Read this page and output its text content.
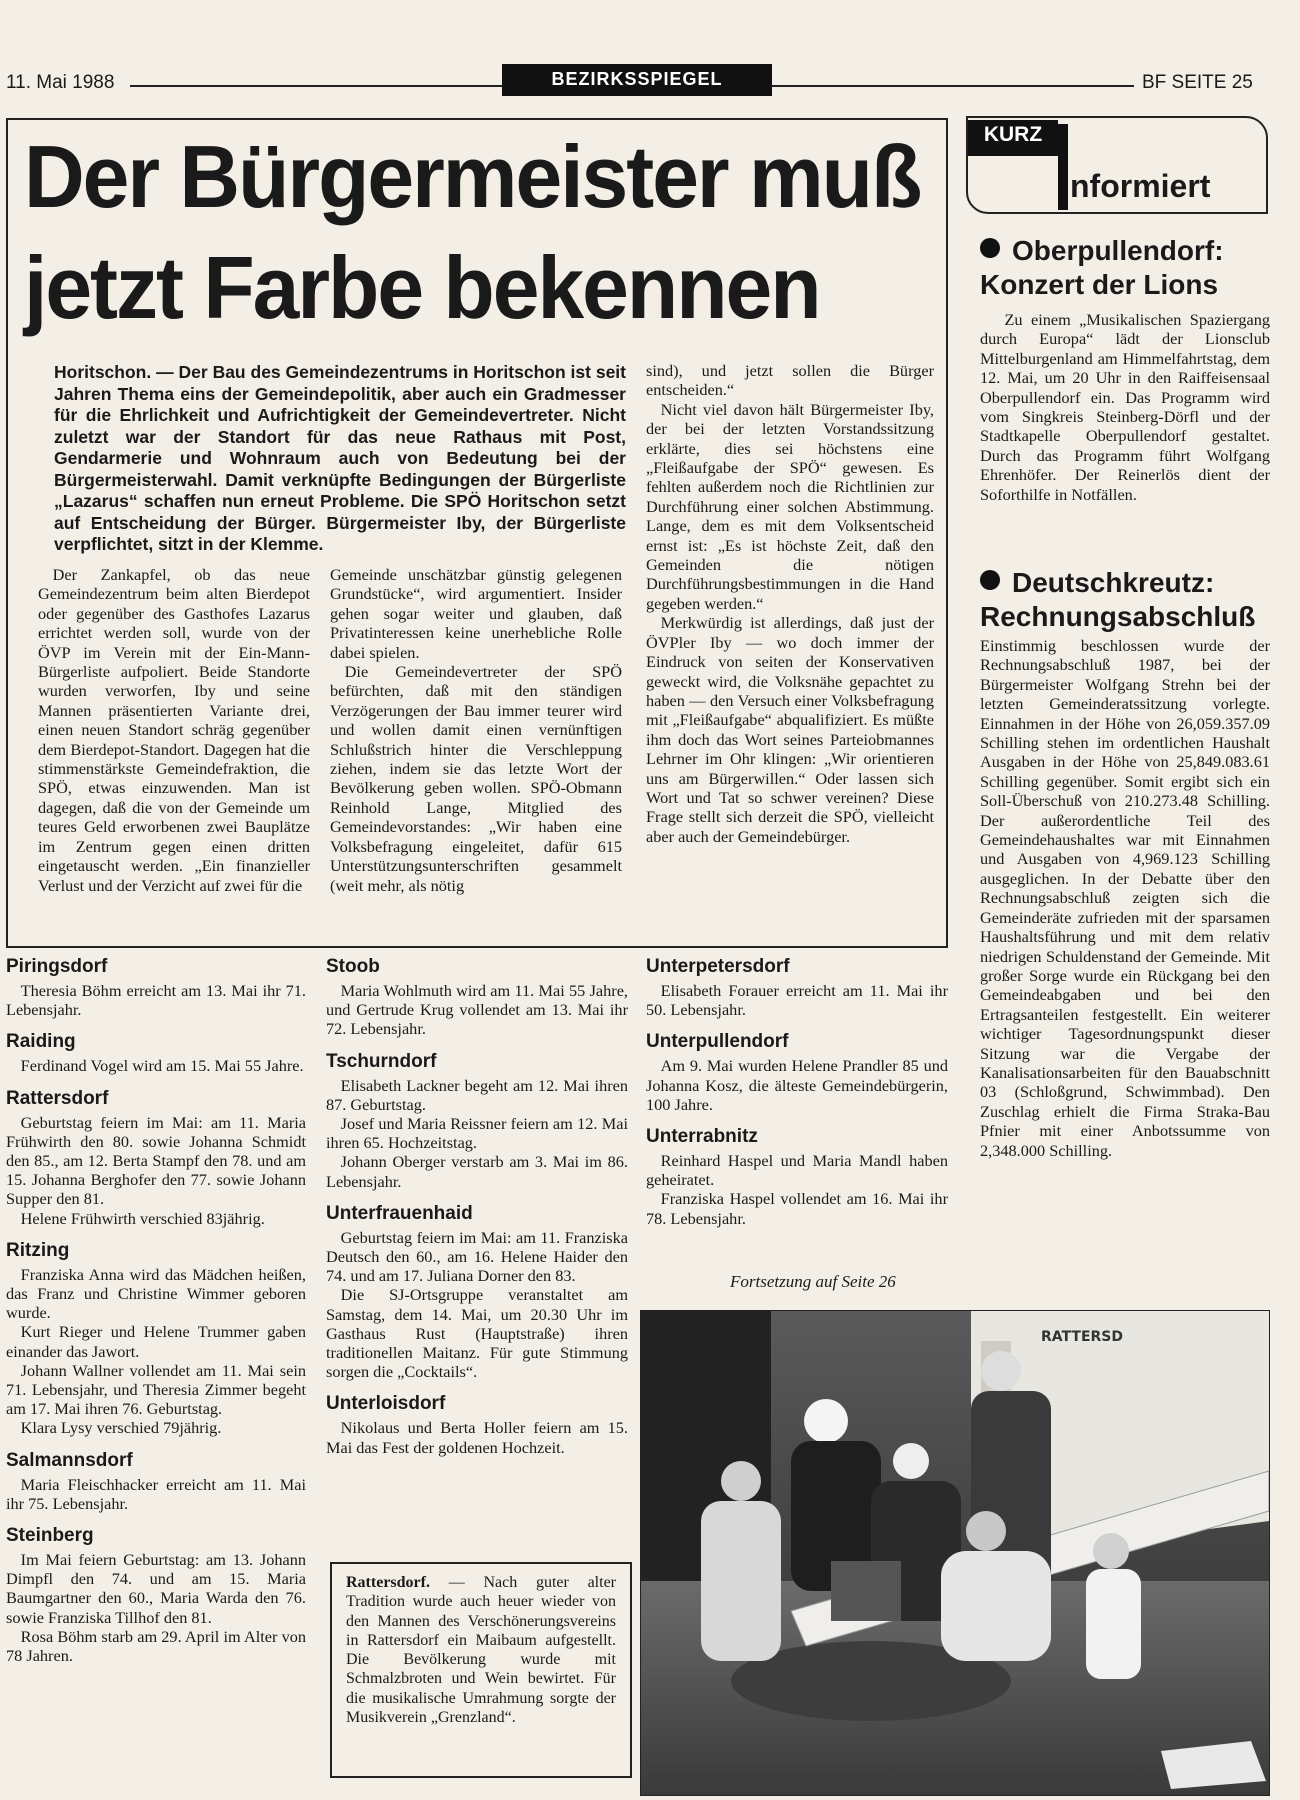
11. Mai 1988	BEZIRKSSPIEGEL	BF SEITE 25
Der Bürgermeister muß
jetzt Farbe bekennen
Horitschon. — Der Bau des Gemeindezentrums in Horitschon ist seit Jahren Thema eins der Gemeindepolitik, aber auch ein Gradmesser für die Ehrlichkeit und Aufrichtigkeit der Gemeindevertreter. Nicht zuletzt war der Standort für das neue Rathaus mit Post, Gendarmerie und Wohnraum auch von Bedeutung bei der Bürgermeisterwahl. Damit verknüpfte Bedingungen der Bürgerliste „Lazarus“ schaffen nun erneut Probleme. Die SPÖ Horitschon setzt auf Entscheidung der Bürger. Bürgermeister Iby, der Bürgerliste verpflichtet, sitzt in der Klemme.

Der Zankapfel, ob das neue Gemeindezentrum beim alten Bierdepot oder gegenüber des Gasthofes Lazarus errichtet werden soll, wurde von der ÖVP im Verein mit der Ein-Mann-Bürgerliste aufpoliert. Beide Standorte wurden verworfen, Iby und seine Mannen präsentierten Variante drei, einen neuen Standort schräg gegenüber dem Bierdepot-Standort. Dagegen hat die stimmenstärkste Gemeindefraktion, die SPÖ, etwas einzuwenden. Man ist dagegen, daß die von der Gemeinde um teures Geld erworbenen zwei Bauplätze im Zentrum gegen einen dritten eingetauscht werden. „Ein finanzieller Verlust und der Verzicht auf zwei für die

Gemeinde unschätzbar günstig gelegenen Grundstücke“, wird argumentiert. Insider gehen sogar weiter und glauben, daß Privatinteressen keine unerhebliche Rolle dabei spielen.

Die Gemeindevertreter der SPÖ befürchten, daß mit den ständigen Verzögerungen der Bau immer teurer wird und wollen damit einen vernünftigen Schlußstrich hinter die Verschleppung ziehen, indem sie das letzte Wort der Bevölkerung geben wollen. SPÖ-Obmann Reinhold Lange, Mitglied des Gemeindevorstandes: „Wir haben eine Volksbefragung eingeleitet, dafür 615 Unterstützungsunterschriften gesammelt (weit mehr, als nötig

sind), und jetzt sollen die Bürger entscheiden.“

Nicht viel davon hält Bürgermeister Iby, der bei der letzten Vorstandssitzung erklärte, dies sei höchstens eine „Fleißaufgabe der SPÖ“ gewesen. Es fehlten außerdem noch die Richtlinien zur Durchführung einer solchen Abstimmung. Lange, dem es mit dem Volksentscheid ernst ist: „Es ist höchste Zeit, daß den Gemeinden die nötigen Durchführungsbestimmungen in die Hand gegeben werden.“

Merkwürdig ist allerdings, daß just der ÖVPler Iby — wo doch immer der Eindruck von seiten der Konservativen geweckt wird, die Volksnähe gepachtet zu haben — den Versuch einer Volksbefragung mit „Fleißaufgabe“ abqualifiziert. Es müßte ihm doch das Wort seines Parteiobmannes Lehrner im Ohr klingen: „Wir orientieren uns am Bürgerwillen.“ Oder lassen sich Wort und Tat so schwer vereinen? Diese Frage stellt sich derzeit die SPÖ, vielleicht aber auch der Gemeindebürger.

KURZ
nformiert
Oberpullendorf:
Konzert der Lions
Zu einem „Musikalischen Spaziergang durch Europa“ lädt der Lionsclub Mittelburgenland am Himmelfahrtstag, dem 12. Mai, um 20 Uhr in den Raiffeisensaal Oberpullendorf ein. Das Programm wird vom Singkreis Steinberg-Dörfl und der Stadtkapelle Oberpullendorf gestaltet. Durch das Programm führt Wolfgang Ehrenhöfer. Der Reinerlös dient der Soforthilfe in Notfällen.
Deutschkreutz:
Rechnungsabschluß
Einstimmig beschlossen wurde der Rechnungsabschluß 1987, bei der Bürgermeister Wolfgang Strehn bei der letzten Gemeinderatssitzung vorlegte. Einnahmen in der Höhe von 26,059.357.09 Schilling stehen im ordentlichen Haushalt Ausgaben in der Höhe von 25,849.083.61 Schilling gegenüber. Somit ergibt sich ein Soll-Überschuß von 210.273.48 Schilling. Der außerordentliche Teil des Gemeindehaushaltes war mit Einnahmen und Ausgaben von 4,969.123 Schilling ausgeglichen. In der Debatte über den Rechnungsabschluß zeigten sich die Gemeinderäte zufrieden mit der sparsamen Haushaltsführung und mit dem relativ niedrigen Schuldenstand der Gemeinde. Mit großer Sorge wurde ein Rückgang bei den Gemeindeabgaben und bei den Ertragsanteilen festgestellt. Ein weiterer wichtiger Tagesordnungspunkt dieser Sitzung war die Vergabe der Kanalisationsarbeiten für den Bauabschnitt 03 (Schloßgrund, Schwimmbad). Den Zuschlag erhielt die Firma Straka-Bau Pfnier mit einer Anbotssumme von 2,348.000 Schilling.
Piringsdorf

Theresia Böhm erreicht am 13. Mai ihr 71. Lebensjahr.

Raiding

Ferdinand Vogel wird am 15. Mai 55 Jahre.

Rattersdorf

Geburtstag feiern im Mai: am 11. Maria Frühwirth den 80. sowie Johanna Schmidt den 85., am 12. Berta Stampf den 78. und am 15. Johanna Berghofer den 77. sowie Johann Supper den 81.

Helene Frühwirth verschied 83jährig.

Ritzing

Franziska Anna wird das Mädchen heißen, das Franz und Christine Wimmer geboren wurde.

Kurt Rieger und Helene Trummer gaben einander das Jawort.

Johann Wallner vollendet am 11. Mai sein 71. Lebensjahr, und Theresia Zimmer begeht am 17. Mai ihren 76. Geburtstag.

Klara Lysy verschied 79jährig.

Salmannsdorf

Maria Fleischhacker erreicht am 11. Mai ihr 75. Lebensjahr.

Steinberg

Im Mai feiern Geburtstag: am 13. Johann Dimpfl den 74. und am 15. Maria Baumgartner den 60., Maria Warda den 76. sowie Franziska Tillhof den 81.

Rosa Böhm starb am 29. April im Alter von 78 Jahren.

Stoob

Maria Wohlmuth wird am 11. Mai 55 Jahre, und Gertrude Krug vollendet am 13. Mai ihr 72. Lebensjahr.

Tschurndorf

Elisabeth Lackner begeht am 12. Mai ihren 87. Geburtstag.

Josef und Maria Reissner feiern am 12. Mai ihren 65. Hochzeitstag.

Johann Oberger verstarb am 3. Mai im 86. Lebensjahr.

Unterfrauenhaid

Geburtstag feiern im Mai: am 11. Franziska Deutsch den 60., am 16. Helene Haider den 74. und am 17. Juliana Dorner den 83.

Die SJ-Ortsgruppe veranstaltet am Samstag, dem 14. Mai, um 20.30 Uhr im Gasthaus Rust (Hauptstraße) ihren traditionellen Maitanz. Für gute Stimmung sorgen die „Cocktails“.

Unterloisdorf

Nikolaus und Berta Holler feiern am 15. Mai das Fest der goldenen Hochzeit.

Unterpetersdorf

Elisabeth Forauer erreicht am 11. Mai ihr 50. Lebensjahr.

Unterpullendorf

Am 9. Mai wurden Helene Prandler 85 und Johanna Kosz, die älteste Gemeindebürgerin, 100 Jahre.

Unterrabnitz

Reinhard Haspel und Maria Mandl haben geheiratet.

Franziska Haspel vollendet am 16. Mai ihr 78. Lebensjahr.

Fortsetzung auf Seite 26
RATTERSD
Rattersdorf. — Nach guter alter Tradition wurde auch heuer wieder von den Mannen des Verschönerungsvereins in Rattersdorf ein Maibaum aufgestellt. Die Bevölkerung wurde mit Schmalzbroten und Wein bewirtet. Für die musikalische Umrahmung sorgte der Musikverein „Grenzland“.
